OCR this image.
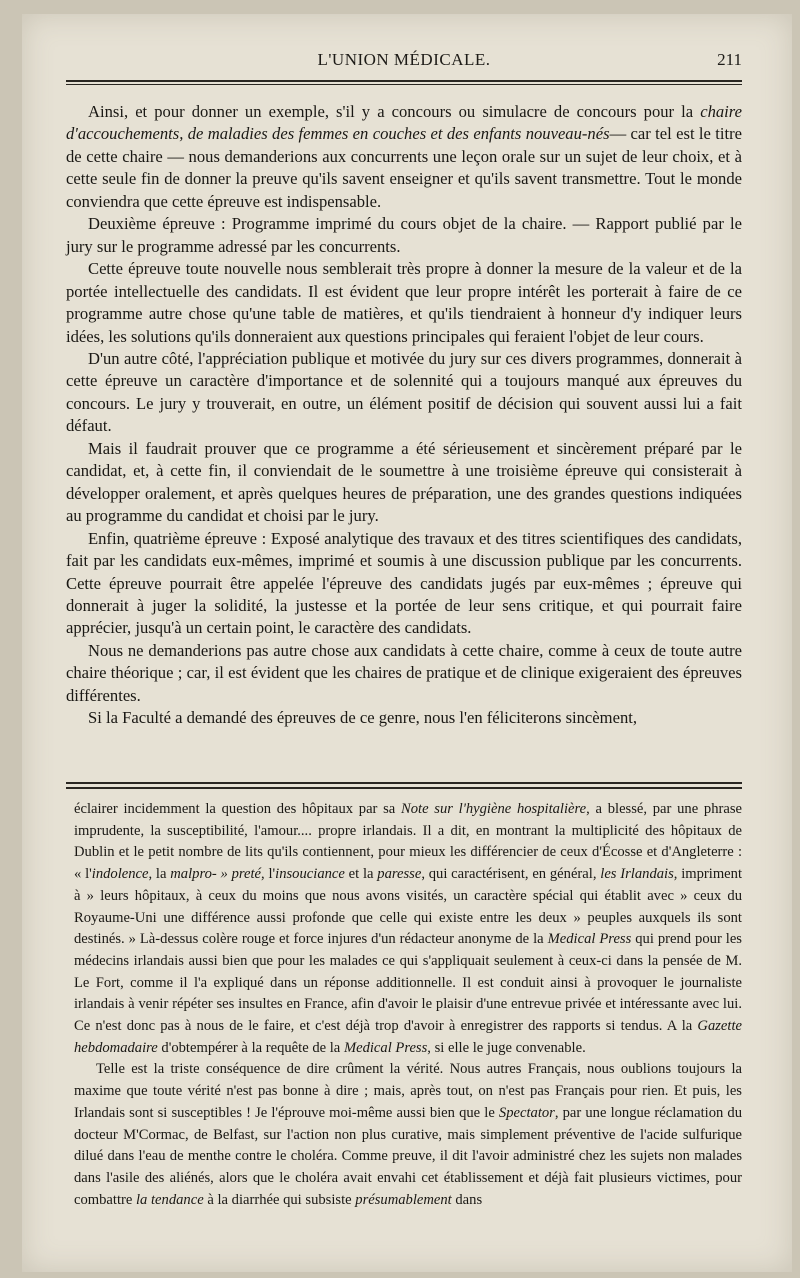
L'UNION MÉDICALE.	211

Ainsi, et pour donner un exemple, s'il y a concours ou simulacre de concours pour la chaire d'accouchements, de maladies des femmes en couches et des enfants nouveau-nés— car tel est le titre de cette chaire — nous demanderions aux concurrents une leçon orale sur un sujet de leur choix, et à cette seule fin de donner la preuve qu'ils savent enseigner et qu'ils savent transmettre. Tout le monde conviendra que cette épreuve est indispensable.

Deuxième épreuve : Programme imprimé du cours objet de la chaire. — Rapport publié par le jury sur le programme adressé par les concurrents.

Cette épreuve toute nouvelle nous semblerait très propre à donner la mesure de la valeur et de la portée intellectuelle des candidats. Il est évident que leur propre intérêt les porterait à faire de ce programme autre chose qu'une table de matières, et qu'ils tiendraient à honneur d'y indiquer leurs idées, les solutions qu'ils donneraient aux questions principales qui feraient l'objet de leur cours.

D'un autre côté, l'appréciation publique et motivée du jury sur ces divers programmes, donnerait à cette épreuve un caractère d'importance et de solennité qui a toujours manqué aux épreuves du concours. Le jury y trouverait, en outre, un élément positif de décision qui souvent aussi lui a fait défaut.

Mais il faudrait prouver que ce programme a été sérieusement et sincèrement préparé par le candidat, et, à cette fin, il conviendait de le soumettre à une troisième épreuve qui consisterait à développer oralement, et après quelques heures de préparation, une des grandes questions indiquées au programme du candidat et choisi par le jury.

Enfin, quatrième épreuve : Exposé analytique des travaux et des titres scientifiques des candidats, fait par les candidats eux-mêmes, imprimé et soumis à une discussion publique par les concurrents. Cette épreuve pourrait être appelée l'épreuve des candidats jugés par eux-mêmes ; épreuve qui donnerait à juger la solidité, la justesse et la portée de leur sens critique, et qui pourrait faire apprécier, jusqu'à un certain point, le caractère des candidats.

Nous ne demanderions pas autre chose aux candidats à cette chaire, comme à ceux de toute autre chaire théorique ; car, il est évident que les chaires de pratique et de clinique exigeraient des épreuves différentes.

Si la Faculté a demandé des épreuves de ce genre, nous l'en féliciterons sincèment,

éclairer incidemment la question des hôpitaux par sa Note sur l'hygiène hospitalière, a blessé, par une phrase imprudente, la susceptibilité, l'amour.... propre irlandais. Il a dit, en montrant la multiplicité des hôpitaux de Dublin et le petit nombre de lits qu'ils contiennent, pour mieux les différencier de ceux d'Écosse et d'Angleterre : « l'indolence, la malpro- » preté, l'insouciance et la paresse, qui caractérisent, en général, les Irlandais, impriment à » leurs hôpitaux, à ceux du moins que nous avons visités, un caractère spécial qui établit avec » ceux du Royaume-Uni une différence aussi profonde que celle qui existe entre les deux » peuples auxquels ils sont destinés. » Là-dessus colère rouge et force injures d'un rédacteur anonyme de la Medical Press qui prend pour les médecins irlandais aussi bien que pour les malades ce qui s'appliquait seulement à ceux-ci dans la pensée de M. Le Fort, comme il l'a expliqué dans un réponse additionnelle. Il est conduit ainsi à provoquer le journaliste irlandais à venir répéter ses insultes en France, afin d'avoir le plaisir d'une entrevue privée et intéressante avec lui. Ce n'est donc pas à nous de le faire, et c'est déjà trop d'avoir à enregistrer des rapports si tendus. A la Gazette hebdomadaire d'obtempérer à la requête de la Medical Press, si elle le juge convenable.

Telle est la triste conséquence de dire crûment la vérité. Nous autres Français, nous oublions toujours la maxime que toute vérité n'est pas bonne à dire ; mais, après tout, on n'est pas Français pour rien. Et puis, les Irlandais sont si susceptibles ! Je l'éprouve moi-même aussi bien que le Spectator, par une longue réclamation du docteur M'Cormac, de Belfast, sur l'action non plus curative, mais simplement préventive de l'acide sulfurique dilué dans l'eau de menthe contre le choléra. Comme preuve, il dit l'avoir administré chez les sujets non malades dans l'asile des aliénés, alors que le choléra avait envahi cet établissement et déjà fait plusieurs victimes, pour combattre la tendance à la diarrhée qui subsiste présumablement dans
